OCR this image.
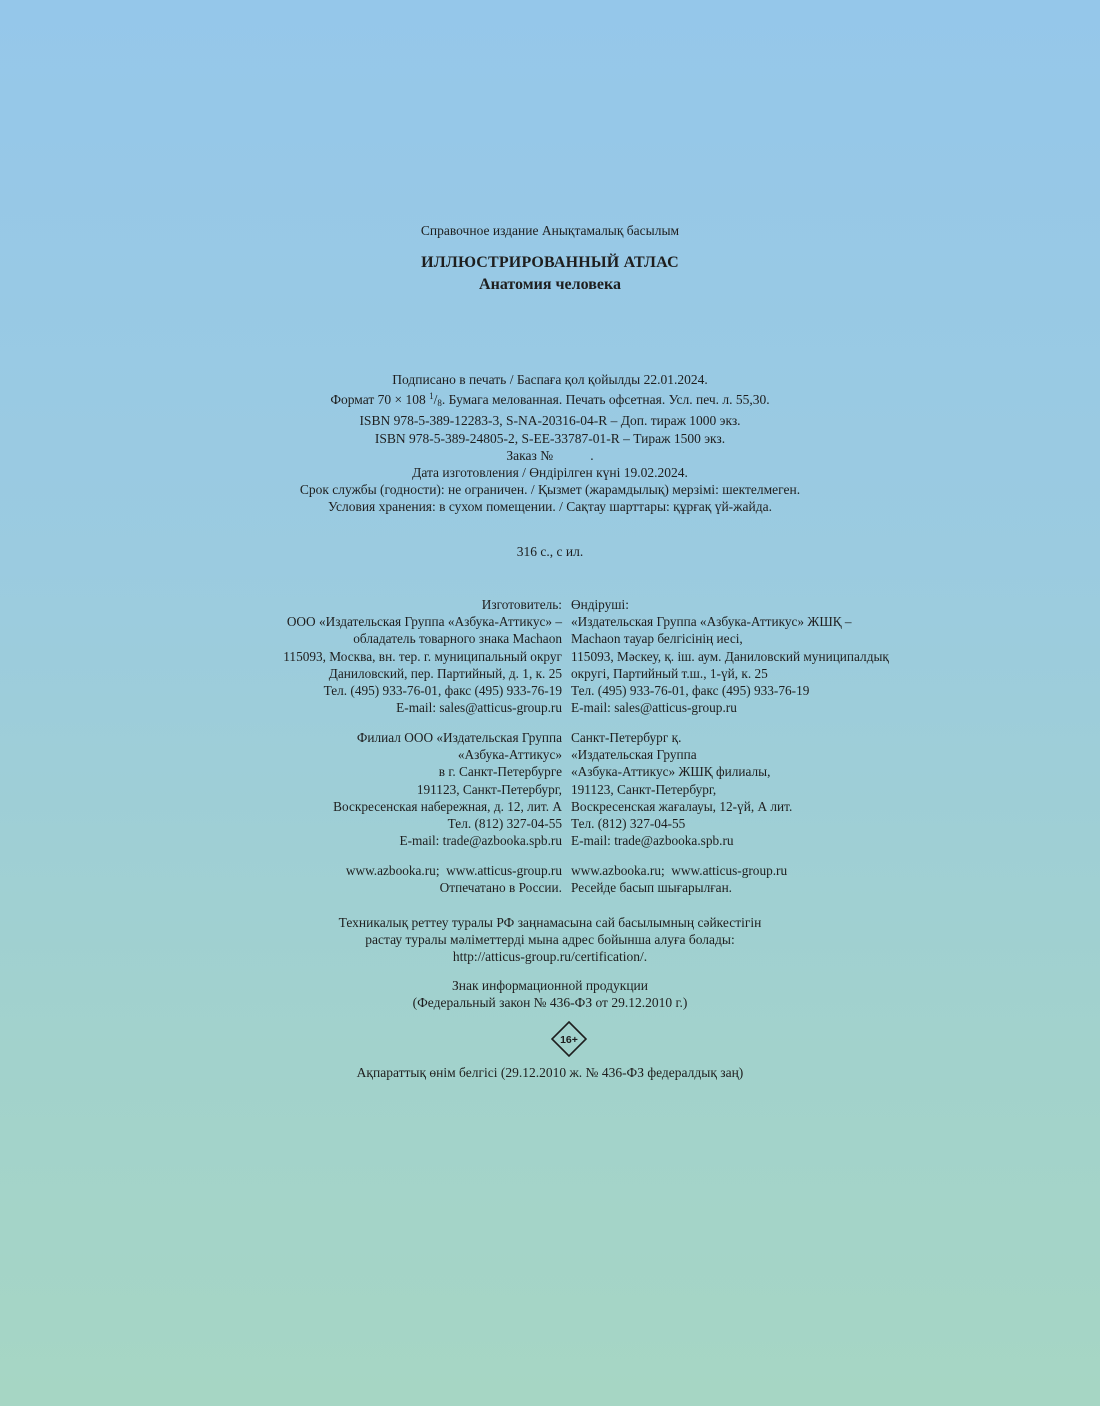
Справочное издание Анықтамалық басылым
ИЛЛЮСТРИРОВАННЫЙ АТЛАС
Анатомия человека
Подписано в печать / Баспаға қол қойылды 22.01.2024.
Формат 70 × 108 $^1/_8$. Бумага мелованная. Печать офсетная. Усл. печ. л. 55,30.
ISBN 978-5-389-12283-3, S-NA-20316-04-R – Доп. тираж 1000 экз.
ISBN 978-5-389-24805-2, S-EE-33787-01-R – Тираж 1500 экз.
Заказ №           .
Дата изготовления / Өндірілген күні 19.02.2024.
Срок службы (годности): не ограничен. / Қызмет (жарамдылық) мерзімі: шектелмеген.
Условия хранения: в сухом помещении. / Сақтау шарттары: құрғақ үй-жайда.
316 с., с ил.
Изготовитель:
ООО «Издательская Группа «Азбука-Аттикус» –
обладатель товарного знака Machaon
115093, Москва, вн. тер. г. муниципальный округ
Даниловский, пер. Партийный, д. 1, к. 25
Тел. (495) 933-76-01, факс (495) 933-76-19
E-mail: sales@atticus-group.ru
Өндіруші:
«Издательская Группа «Азбука-Аттикус» ЖШҚ –
Machaon тауар белгісінің иесі,
115093, Мәскеу, қ. іш. аум. Даниловский муниципалдық
округі, Партийный т.ш., 1-үй, к. 25
Тел. (495) 933-76-01, факс (495) 933-76-19
E-mail: sales@atticus-group.ru
Филиал ООО «Издательская Группа
«Азбука-Аттикус»
в г. Санкт-Петербурге
191123, Санкт-Петербург,
Воскресенская набережная, д. 12, лит. А
Тел. (812) 327-04-55
E-mail: trade@azbooka.spb.ru
Санкт-Петербург қ.
«Издательская Группа
«Азбука-Аттикус» ЖШҚ филиалы,
191123, Санкт-Петербург,
Воскресенская жағалауы, 12-үй, А лит.
Тел. (812) 327-04-55
E-mail: trade@azbooka.spb.ru
www.azbooka.ru;  www.atticus-group.ru
Отпечатано в России.
www.azbooka.ru;  www.atticus-group.ru
Ресейде басып шығарылған.
Техникалық реттеу туралы РФ заңнамасына сай басылымның сәйкестігін
растау туралы мәліметтерді мына адрес бойынша алуға болады:
http://atticus-group.ru/certification/.
Знак информационной продукции
(Федеральный закон № 436-ФЗ от 29.12.2010 г.)
16+
Ақпараттық өнім белгісі (29.12.2010 ж. № 436-ФЗ федералдық заң)
